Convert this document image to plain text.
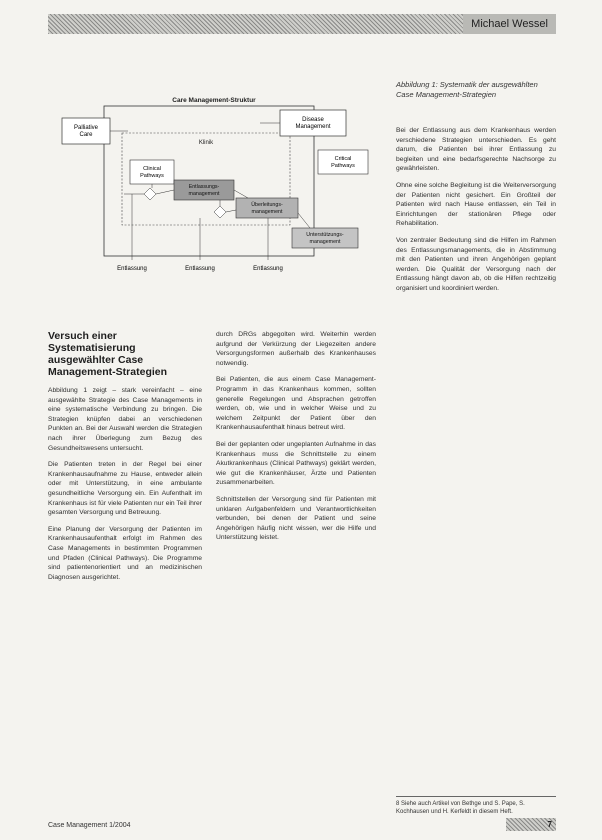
Michael Wessel
Care Management-Struktur
Klinik
Palliative Care
Disease Management
Clinical Pathways
Critical Pathways
Entlassungs-management
Überleitungs-management
Unterstützungs-management
Entlassung	Entlassung	Entlassung
Abbildung 1: Systematik der ausgewählten Case Management-Strategien
Versuch einer
Systematisierung
ausgewählter Case
Management-Strategien

Abbildung 1 zeigt – stark vereinfacht – eine ausgewählte Strategie des Case Managements in eine systematische Verbindung zu bringen. Die Strategien knüpfen dabei an verschiedenen Punkten an. Bei der Auswahl werden die Strategien nach ihrer Überlegung zum Bezug des Gesundheitswesens untersucht.

Die Patienten treten in der Regel bei einer Krankenhausaufnahme zu Hause, entweder allein oder mit Unterstützung, in eine ambulante gesundheitliche Versorgung ein. Ein Aufenthalt im Krankenhaus ist für viele Patienten nur ein Teil ihrer gesamten Versorgung und Betreuung.

Eine Planung der Versorgung der Patienten im Krankenhausaufenthalt erfolgt im Rahmen des Case Managements in bestimmten Programmen und Pfaden (Clinical Pathways). Die Programme sind patientenorientiert und an medizinischen Diagnosen ausgerichtet.

durch DRGs abgegolten wird. Weiterhin werden aufgrund der Verkürzung der Liegezeiten andere Versorgungsformen außerhalb des Krankenhauses notwendig.

Bei Patienten, die aus einem Case Management-Programm in das Krankenhaus kommen, sollten generelle Regelungen und Absprachen getroffen werden, ob, wie und in welcher Weise und zu welchem Zeitpunkt der Patient über den Krankenhausaufenthalt hinaus betreut wird.

Bei der geplanten oder ungeplanten Aufnahme in das Krankenhaus muss die Schnittstelle zu einem Akutkrankenhaus (Clinical Pathways) geklärt werden, wie gut die Krankenhäuser, Ärzte und Patienten zusammenarbeiten.

Schnittstellen der Versorgung sind für Patienten mit unklaren Aufgabenfeldern und Verantwortlichkeiten verbunden, bei denen der Patient und seine Angehörigen häufig nicht wissen, wer die Hilfe und Unterstützung leistet.

Bei der Entlassung aus dem Krankenhaus werden verschiedene Strategien unterschieden. Es geht darum, die Patienten bei ihrer Entlassung zu begleiten und eine bedarfsgerechte Nachsorge zu gewährleisten.

Ohne eine solche Begleitung ist die Weiterversorgung der Patienten nicht gesichert. Ein Großteil der Patienten wird nach Hause entlassen, ein Teil in Einrichtungen der stationären Pflege oder Rehabilitation.

Von zentraler Bedeutung sind die Hilfen im Rahmen des Entlassungsmanagements, die in Abstimmung mit den Patienten und ihren Angehörigen geplant werden. Die Qualität der Versorgung nach der Entlassung hängt davon ab, ob die Hilfen rechtzeitig organisiert und koordiniert werden.

8 Siehe auch Artikel von Bethge und S. Pape, S. Kochhausen und H. Kerfeldt in diesem Heft.
Case Management 1/2004	7
